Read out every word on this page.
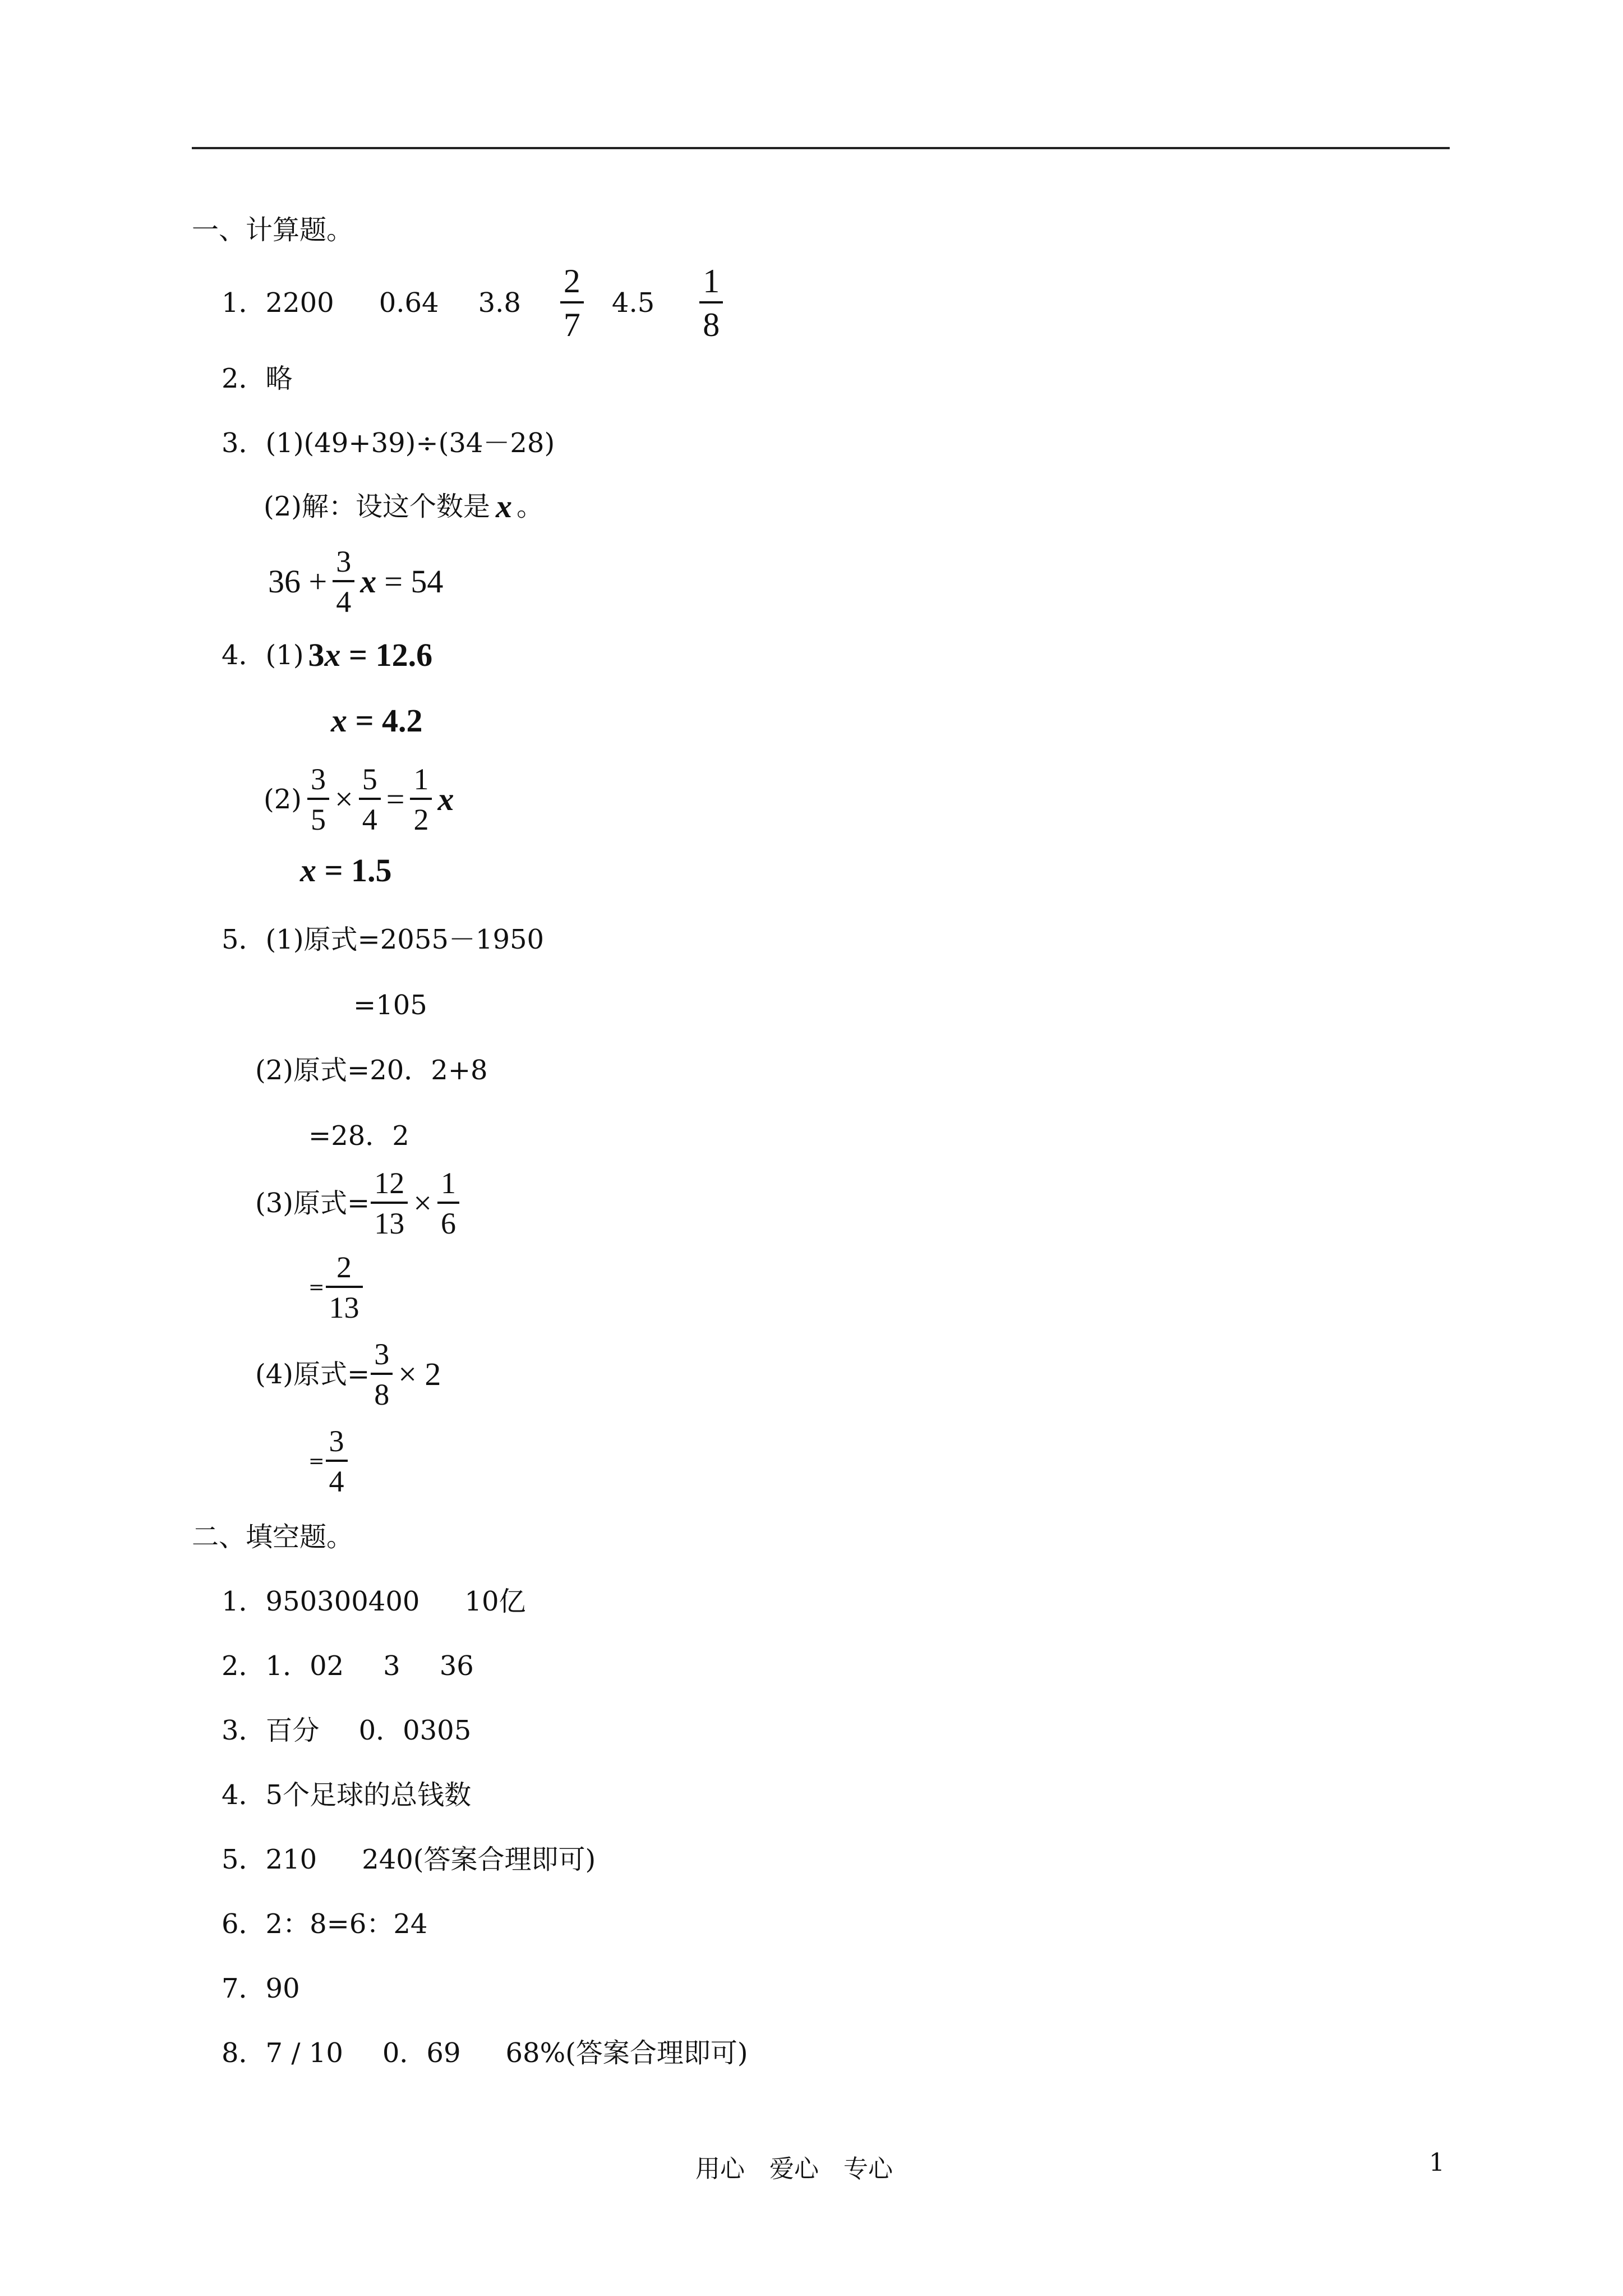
一、计算题。
1． 2200 0.64 $3.8 \frac{2}{7} 4.5 \frac{1}{8}$
2． 略
3． (1)(49+39)÷(34－28)
(2)解：设这个数是 x 。
$36 + \frac{3}{4}$ x = 54
4． (1) 3 x = 12.6
x = 4.2
$(2) \frac{3}{5} \times \frac{5}{4} = \frac{1}{2}$ x
x = 1.5
5． (1)原式=2055－1950
=105
(2)原式=20．2+8
=28．2
(3)原式= $\frac{12}{13} \times \frac{1}{6}$
= $\frac{2}{13}$
(4)原式= $\frac{3}{8} \times 2$
= $\frac{3}{4}$
二、填空题。
1． 950300400 10亿
2． 1．02 3 36
3． 百分 0．0305
4． 5个足球的总钱数
5． 210 240(答案合理即可)
6． 2：8=6：24
7． 90
8． 7 / 10 0．69 68%(答案合理即可)
用心　爱心　专心	1
